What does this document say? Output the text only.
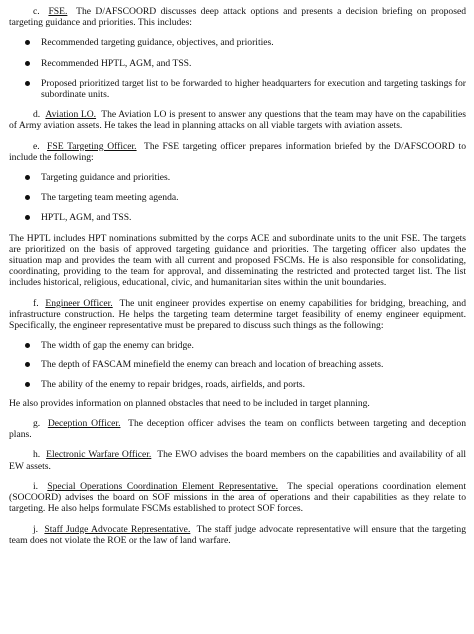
c. FSE. The D/AFSCOORD discusses deep attack options and presents a decision briefing on proposed targeting guidance and priorities. This includes:

Recommended targeting guidance, objectives, and priorities.
Recommended HPTL, AGM, and TSS.
Proposed prioritized target list to be forwarded to higher headquarters for execution and targeting taskings for subordinate units.

d. Aviation LO. The Aviation LO is present to answer any questions that the team may have on the capabilities of Army aviation assets. He takes the lead in planning attacks on all viable targets with aviation assets.

e. FSE Targeting Officer. The FSE targeting officer prepares information briefed by the D/AFSCOORD to include the following:

Targeting guidance and priorities.
The targeting team meeting agenda.
HPTL, AGM, and TSS.

The HPTL includes HPT nominations submitted by the corps ACE and subordinate units to the unit FSE. The targets are prioritized on the basis of approved targeting guidance and priorities. The targeting officer also updates the situation map and provides the team with all current and proposed FSCMs. He is also responsible for consolidating, coordinating, providing to the team for approval, and disseminating the restricted and protected target list. The list includes historical, religious, educational, civic, and humanitarian sites within the unit boundaries.

f. Engineer Officer. The unit engineer provides expertise on enemy capabilities for bridging, breaching, and infrastructure construction. He helps the targeting team determine target feasibility of enemy engineer equipment. Specifically, the engineer representative must be prepared to discuss such things as the following:

The width of gap the enemy can bridge.
The depth of FASCAM minefield the enemy can breach and location of breaching assets.
The ability of the enemy to repair bridges, roads, airfields, and ports.

He also provides information on planned obstacles that need to be included in target planning.

g. Deception Officer. The deception officer advises the team on conflicts between targeting and deception plans.

h. Electronic Warfare Officer. The EWO advises the board members on the capabilities and availability of all EW assets.

i. Special Operations Coordination Element Representative. The special operations coordination element (SOCOORD) advises the board on SOF missions in the area of operations and their capabilities as they relate to targeting. He also helps formulate FSCMs established to protect SOF forces.

j. Staff Judge Advocate Representative. The staff judge advocate representative will ensure that the targeting team does not violate the ROE or the law of land warfare.
